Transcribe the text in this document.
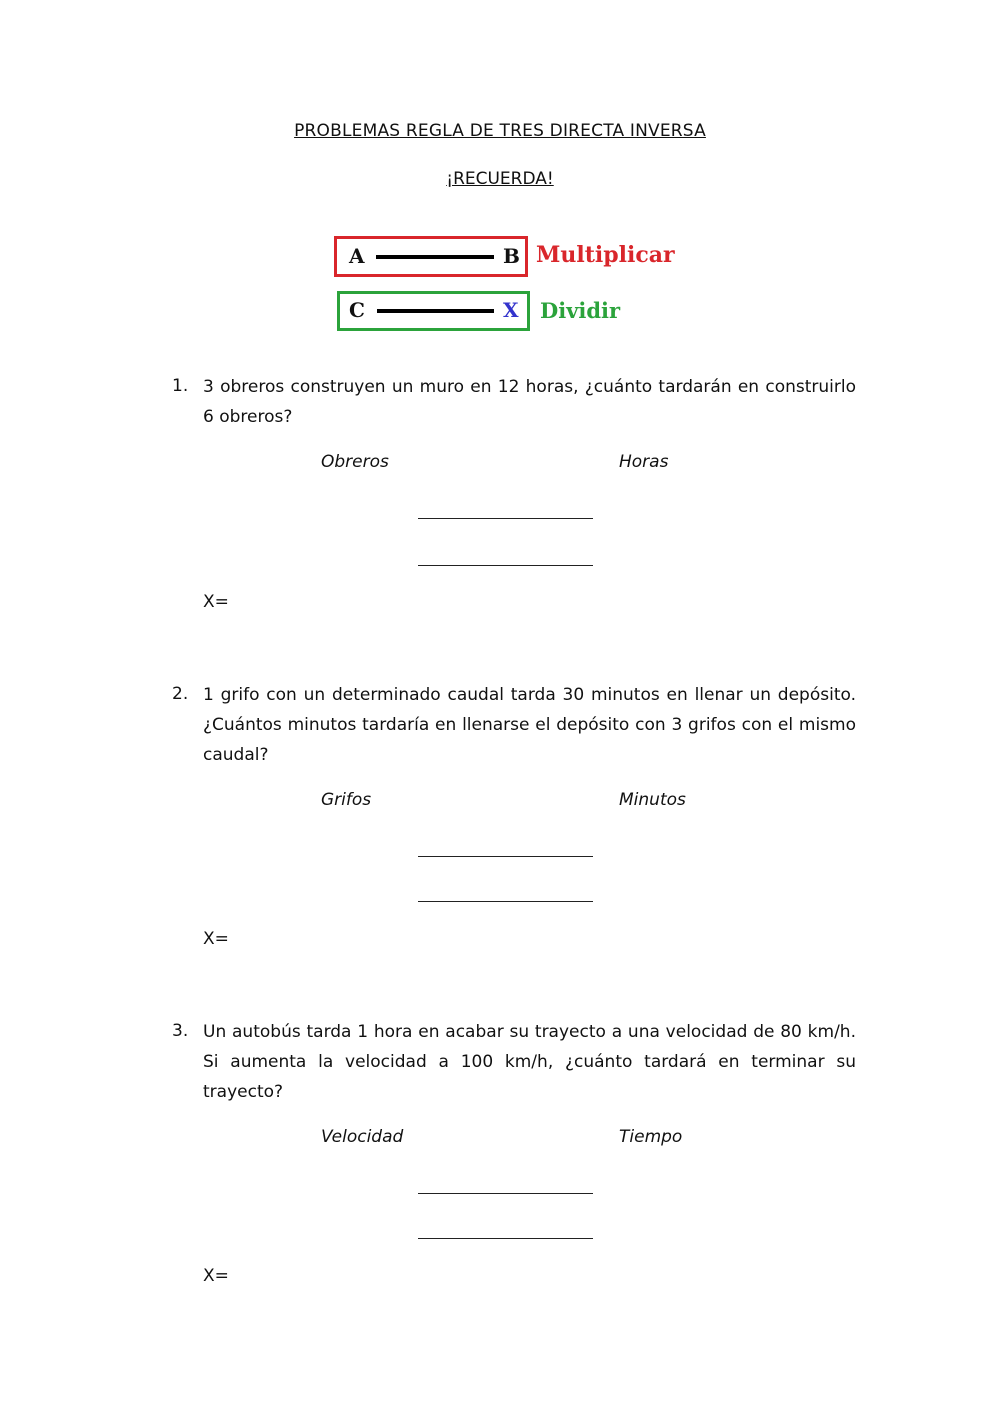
PROBLEMAS REGLA DE TRES DIRECTA INVERSA
¡RECUERDA!
A	B Multiplicar
C	X Dividir
1. 3 obreros construyen un muro en 12 horas, ¿cuánto tardarán en construirlo 6 obreros?
Obreros	Horas
X=
2. 1 grifo con un determinado caudal tarda 30 minutos en llenar un depósito. ¿Cuántos minutos tardaría en llenarse el depósito con 3 grifos con el mismo caudal?
Grifos	Minutos
X=
3. Un autobús tarda 1 hora en acabar su trayecto a una velocidad de 80 km/h. Si aumenta la velocidad a 100 km/h, ¿cuánto tardará en terminar su trayecto?
Velocidad	Tiempo
X=
